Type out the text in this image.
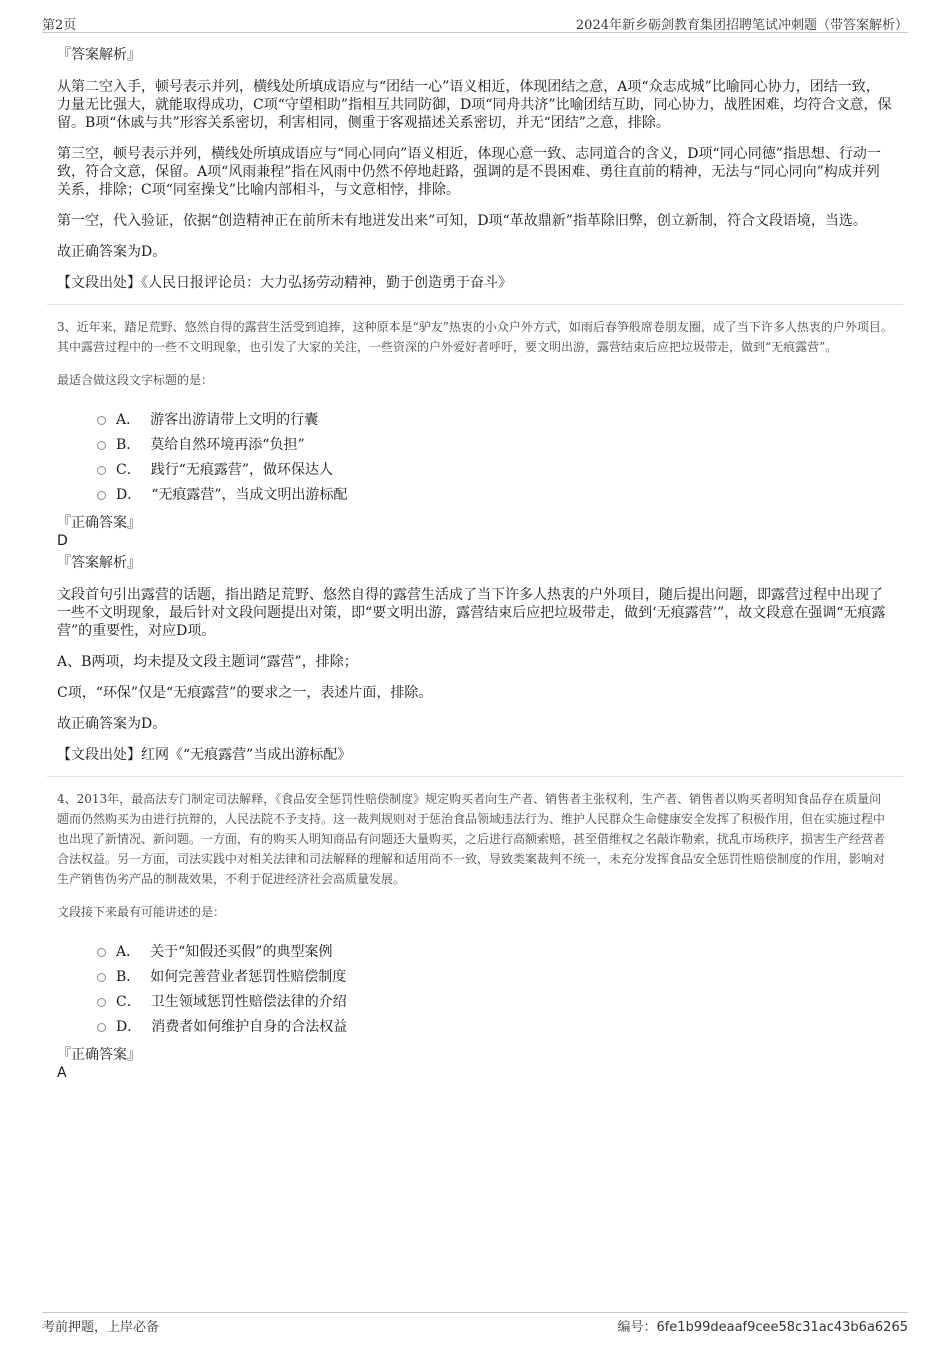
第2页	2024年新乡砺剑教育集团招聘笔试冲刺题（带答案解析）

『答案解析』

从第二空入手，顿号表示并列，横线处所填成语应与“团结一心”语义相近，体现团结之意，A项“众志成城”比喻同心协力，团结一致，力量无比强大，就能取得成功，C项“守望相助”指相互共同防御，D项“同舟共济”比喻团结互助，同心协力，战胜困难，均符合文意，保留。B项“休戚与共”形容关系密切，利害相同，侧重于客观描述关系密切，并无“团结”之意，排除。

第三空，顿号表示并列，横线处所填成语应与“同心同向”语义相近，体现心意一致、志同道合的含义，D项“同心同德”指思想、行动一致，符合文意，保留。A项“风雨兼程”指在风雨中仍然不停地赶路，强调的是不畏困难、勇往直前的精神，无法与“同心同向”构成并列关系，排除；C项“同室操戈”比喻内部相斗，与文意相悖，排除。

第一空，代入验证，依据“创造精神正在前所未有地迸发出来”可知，D项“革故鼎新”指革除旧弊，创立新制，符合文段语境，当选。

故正确答案为D。

【文段出处】《人民日报评论员：大力弘扬劳动精神，勤于创造勇于奋斗》

3、近年来，踏足荒野、悠然自得的露营生活受到追捧，这种原本是“驴友”热衷的小众户外方式，如雨后春笋般席卷朋友圈，成了当下许多人热衷的户外项目。其中露营过程中的一些不文明现象，也引发了大家的关注，一些资深的户外爱好者呼吁，要文明出游，露营结束后应把垃圾带走，做到“无痕露营”。

最适合做这段文字标题的是：

A． 游客出游请带上文明的行囊
B． 莫给自然环境再添“负担”
C． 践行“无痕露营”，做环保达人
D． “无痕露营”，当成文明出游标配

『正确答案』

D

『答案解析』

文段首句引出露营的话题，指出踏足荒野、悠然自得的露营生活成了当下许多人热衷的户外项目，随后提出问题，即露营过程中出现了一些不文明现象，最后针对文段问题提出对策，即“要文明出游，露营结束后应把垃圾带走，做到‘无痕露营’”，故文段意在强调“无痕露营”的重要性，对应D项。

A、B两项，均未提及文段主题词“露营”，排除；

C项，“环保”仅是“无痕露营”的要求之一，表述片面，排除。

故正确答案为D。

【文段出处】红网《“无痕露营”当成出游标配》

4、2013年，最高法专门制定司法解释，《食品安全惩罚性赔偿制度》规定购买者向生产者、销售者主张权利，生产者、销售者以购买者明知食品存在质量问题而仍然购买为由进行抗辩的，人民法院不予支持。这一裁判规则对于惩治食品领域违法行为、维护人民群众生命健康安全发挥了积极作用，但在实施过程中也出现了新情况、新问题。一方面，有的购买人明知商品有问题还大量购买，之后进行高额索赔，甚至借维权之名敲诈勒索，扰乱市场秩序，损害生产经营者合法权益。另一方面，司法实践中对相关法律和司法解释的理解和适用尚不一致，导致类案裁判不统一，未充分发挥食品安全惩罚性赔偿制度的作用，影响对生产销售伪劣产品的制裁效果，不利于促进经济社会高质量发展。

文段接下来最有可能讲述的是：

A． 关于“知假还买假”的典型案例
B． 如何完善营业者惩罚性赔偿制度
C． 卫生领域惩罚性赔偿法律的介绍
D． 消费者如何维护自身的合法权益

『正确答案』

A

考前押题，上岸必备	编号：6fe1b99deaaf9cee58c31ac43b6a6265
